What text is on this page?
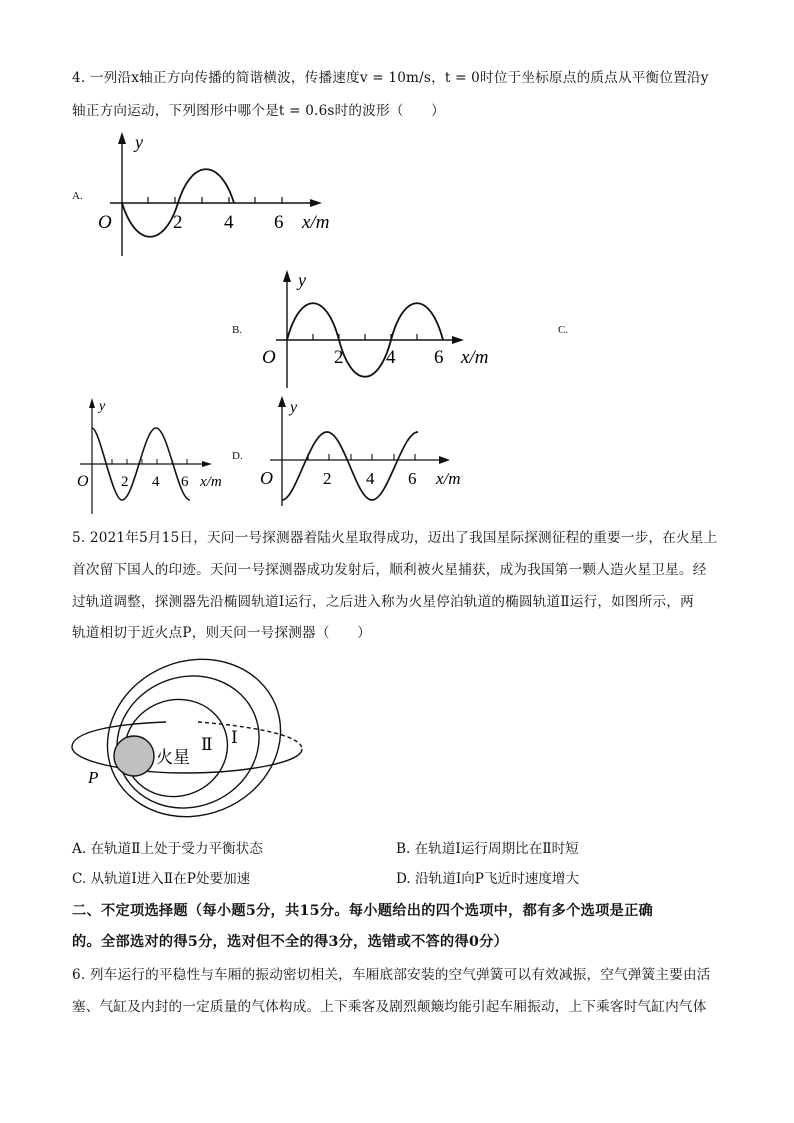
4. 一列沿x轴正方向传播的简谐横波，传播速度v = 10m/s，t = 0时位于坐标原点的质点从平衡位置沿y
轴正方向运动，下列图形中哪个是t = 0.6s时的波形（　　）
A.
y
O	2 4 6 x/m
B.
y
O	2 4 6 x/m
C.
y
O 2 4 6 x/m
D.
y
O	2 4 6 x/m
5. 2021年5月15日，天问一号探测器着陆火星取得成功，迈出了我国星际探测征程的重要一步，在火星上
首次留下国人的印迹。天问一号探测器成功发射后，顺利被火星捕获，成为我国第一颗人造火星卫星。经
过轨道调整，探测器先沿椭圆轨道Ⅰ运行，之后进入称为火星停泊轨道的椭圆轨道Ⅱ运行，如图所示，两
轨道相切于近火点P，则天问一号探测器（　　）
火星
Ⅱ Ⅰ
P
A. 在轨道Ⅱ上处于受力平衡状态	B. 在轨道Ⅰ运行周期比在Ⅱ时短
C. 从轨道Ⅰ进入Ⅱ在P处要加速	D. 沿轨道Ⅰ向P飞近时速度增大
二、不定项选择题（每小题5分，共15分。每小题给出的四个选项中，都有多个选项是正确
的。全部选对的得5分，选对但不全的得3分，选错或不答的得0分）
6. 列车运行的平稳性与车厢的振动密切相关，车厢底部安装的空气弹簧可以有效减振，空气弹簧主要由活
塞、气缸及内封的一定质量的气体构成。上下乘客及剧烈颠簸均能引起车厢振动，上下乘客时气缸内气体
